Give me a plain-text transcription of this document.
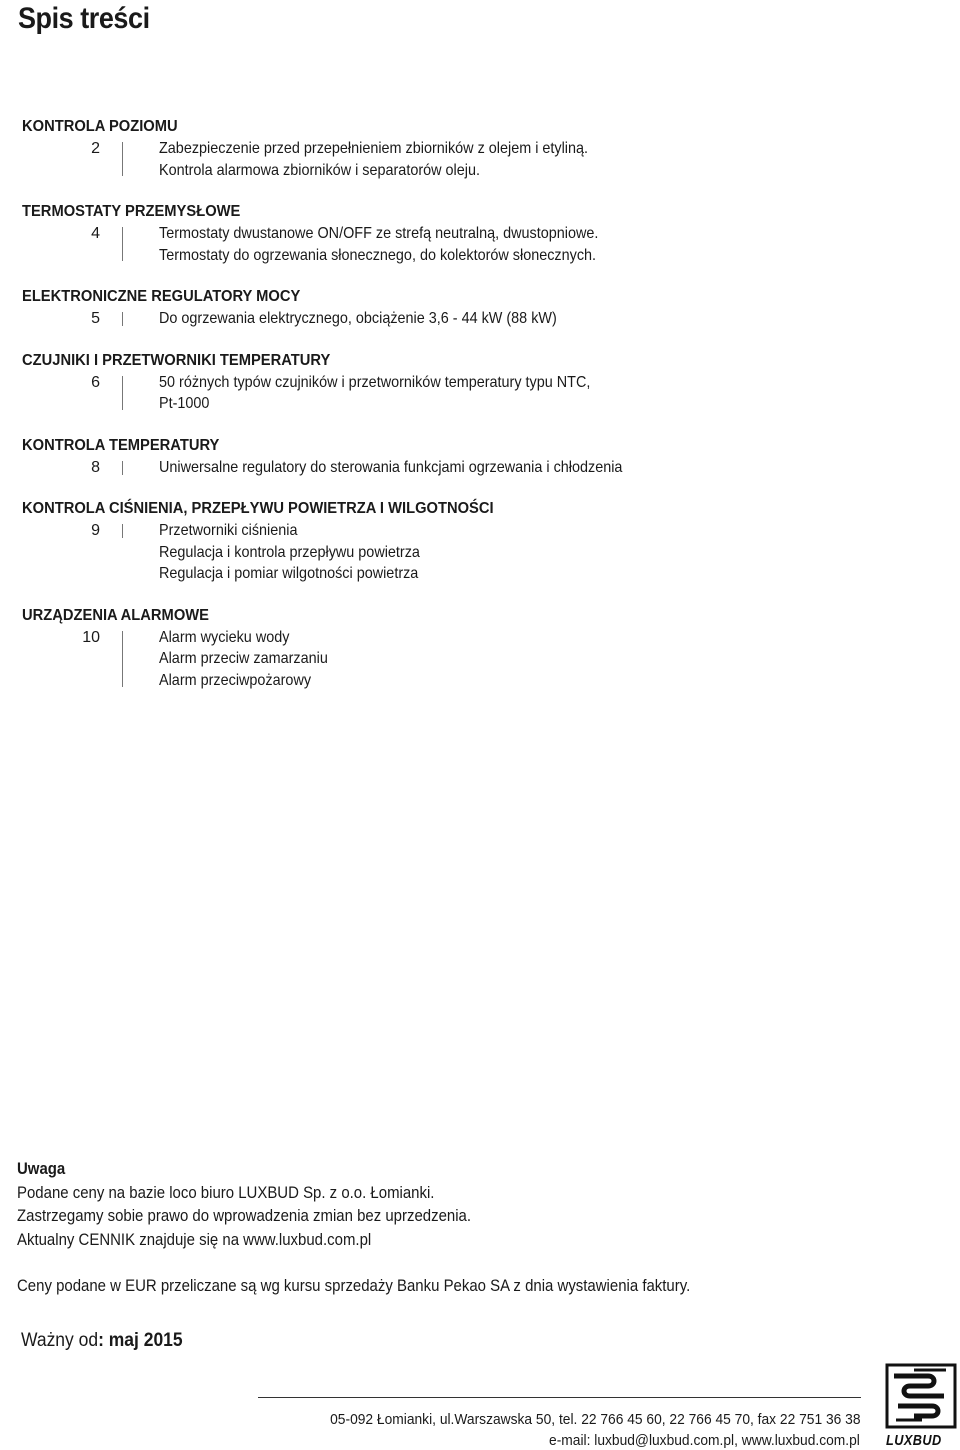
Spis treści
KONTROLA POZIOMU
2	Zabezpieczenie przed przepełnieniem zbiorników z olejem i etyliną.
Kontrola alarmowa zbiorników i separatorów oleju.
TERMOSTATY PRZEMYSŁOWE
4	Termostaty dwustanowe ON/OFF ze strefą neutralną, dwustopniowe.
Termostaty do ogrzewania słonecznego, do kolektorów słonecznych.
ELEKTRONICZNE REGULATORY MOCY
5	Do ogrzewania elektrycznego, obciążenie 3,6 - 44 kW (88 kW)
CZUJNIKI I PRZETWORNIKI TEMPERATURY
6	50 różnych typów czujników i przetworników temperatury typu NTC,
Pt-1000
KONTROLA TEMPERATURY
8	Uniwersalne regulatory do sterowania funkcjami ogrzewania i chłodzenia
KONTROLA CIŚNIENIA, PRZEPŁYWU POWIETRZA I WILGOTNOŚCI
9	Przetworniki ciśnienia
Regulacja i kontrola przepływu powietrza
Regulacja i pomiar wilgotności powietrza
URZĄDZENIA ALARMOWE
10	Alarm wycieku wody
Alarm przeciw zamarzaniu
Alarm przeciwpożarowy
Uwaga
Podane ceny na bazie loco biuro LUXBUD Sp. z o.o. Łomianki.
Zastrzegamy sobie prawo do wprowadzenia zmian bez uprzedzenia.
Aktualny CENNIK znajduje się na www.luxbud.com.pl
Ceny podane w EUR przeliczane są wg kursu sprzedaży Banku Pekao SA z dnia wystawienia faktury.
Ważny od: maj 2015
05-092 Łomianki, ul.Warszawska 50, tel. 22 766 45 60, 22 766 45 70, fax 22 751 36 38
e-mail: luxbud@luxbud.com.pl, www.luxbud.com.pl LUXBUD
